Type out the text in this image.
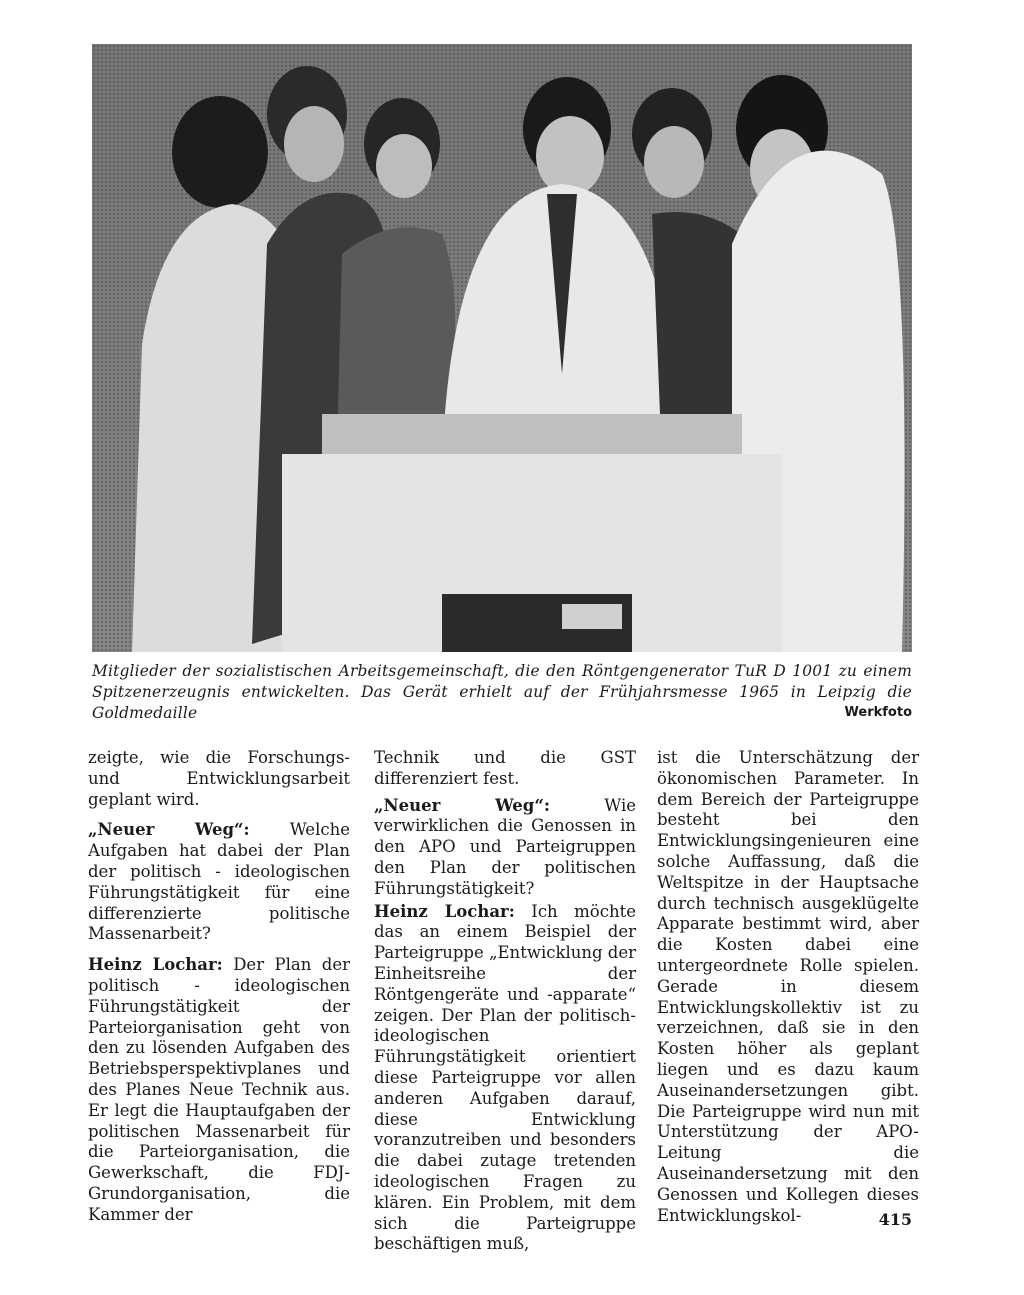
Mitglieder der sozialistischen Arbeitsgemeinschaft, die den Röntgengenerator TuR D 1001 zu einem Spitzenerzeugnis entwickelten. Das Gerät erhielt auf der Frühjahrsmesse 1965 in Leipzig die Goldmedaille	Werkfoto

zeigte, wie die Forschungs- und Entwicklungsarbeit geplant wird.

„Neuer Weg“: Welche Aufgaben hat dabei der Plan der politisch - ideologischen Führungstätigkeit für eine differenzierte politische Massenarbeit?

Heinz Lochar: Der Plan der politisch - ideologischen Führungstätigkeit der Parteiorganisation geht von den zu lösenden Aufgaben des Betriebsperspektivplanes und des Planes Neue Technik aus. Er legt die Hauptaufgaben der politischen Massenarbeit für die Parteiorganisation, die Gewerkschaft, die FDJ-Grundorganisation, die Kammer der

Technik und die GST differenziert fest.

„Neuer Weg“: Wie verwirklichen die Genossen in den APO und Parteigruppen den Plan der politischen Führungstätigkeit?

Heinz Lochar: Ich möchte das an einem Beispiel der Parteigruppe „Entwicklung der Einheitsreihe der Röntgengeräte und -apparate“ zeigen. Der Plan der politisch-ideologischen Führungstätigkeit orientiert diese Parteigruppe vor allen anderen Aufgaben darauf, diese Entwicklung voranzutreiben und besonders die dabei zutage tretenden ideologischen Fragen zu klären. Ein Problem, mit dem sich die Parteigruppe beschäftigen muß,

ist die Unterschätzung der ökonomischen Parameter. In dem Bereich der Parteigruppe besteht bei den Entwicklungsingenieuren eine solche Auffassung, daß die Weltspitze in der Hauptsache durch technisch ausgeklügelte Apparate bestimmt wird, aber die Kosten dabei eine untergeordnete Rolle spielen. Gerade in diesem Entwicklungskollektiv ist zu verzeichnen, daß sie in den Kosten höher als geplant liegen und es dazu kaum Auseinandersetzungen gibt. Die Parteigruppe wird nun mit Unterstützung der APO-Leitung die Auseinandersetzung mit den Genossen und Kollegen dieses Entwicklungskol-	415
